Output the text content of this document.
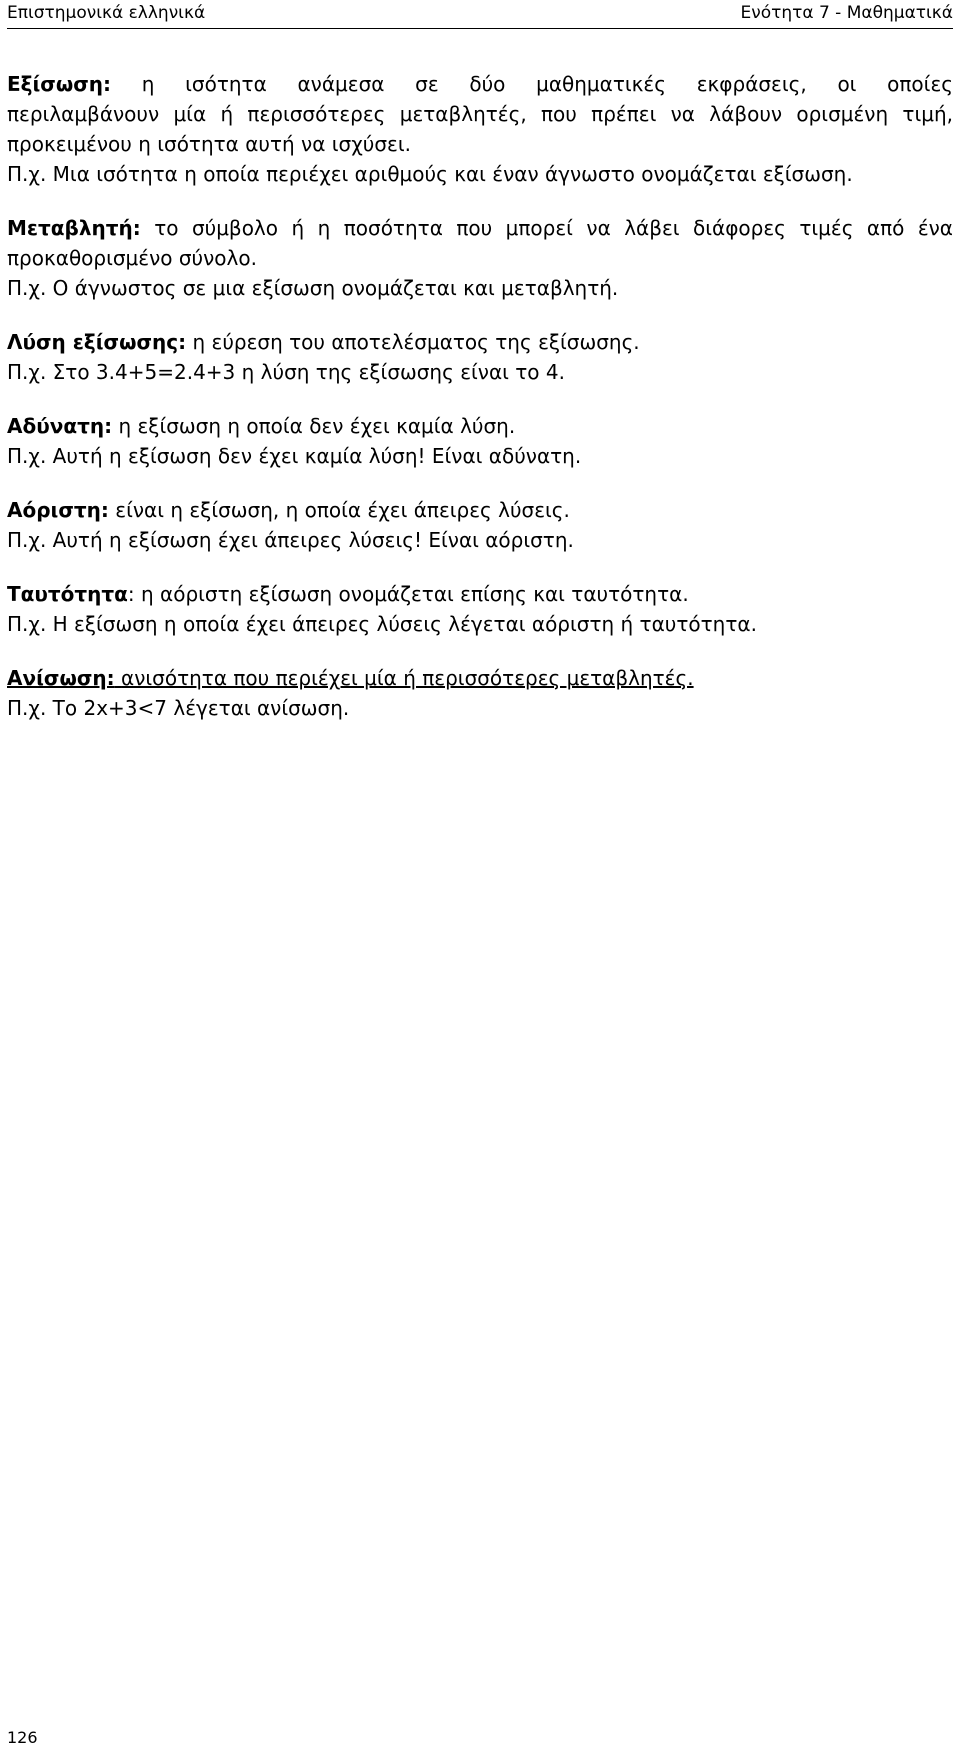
Επιστημονικά ελληνικά	Ενότητα 7 - Μαθηματικά
Εξίσωση: η ισότητα ανάμεσα σε δύο μαθηματικές εκφράσεις, οι οποίες
περιλαμβάνουν μία ή περισσότερες μεταβλητές, που πρέπει να λάβουν ορισμένη τιμή,
προκειμένου η ισότητα αυτή να ισχύσει.
Π.χ. Μια ισότητα η οποία περιέχει αριθμούς και έναν άγνωστο ονομάζεται εξίσωση.
Μεταβλητή: το σύμβολο ή η ποσότητα που μπορεί να λάβει διάφορες τιμές από ένα
προκαθορισμένο σύνολο.
Π.χ. Ο άγνωστος σε μια εξίσωση ονομάζεται και μεταβλητή.
Λύση εξίσωσης: η εύρεση του αποτελέσματος της εξίσωσης.
Π.χ. Στο 3.4+5=2.4+3 η λύση της εξίσωσης είναι το 4.
Αδύνατη: η εξίσωση η οποία δεν έχει καμία λύση.
Π.χ. Αυτή η εξίσωση δεν έχει καμία λύση! Είναι αδύνατη.
Αόριστη: είναι η εξίσωση, η οποία έχει άπειρες λύσεις.
Π.χ. Αυτή η εξίσωση έχει άπειρες λύσεις! Είναι αόριστη.
Ταυτότητα: η αόριστη εξίσωση ονομάζεται επίσης και ταυτότητα.
Π.χ. Η εξίσωση η οποία έχει άπειρες λύσεις λέγεται αόριστη ή ταυτότητα.
Ανίσωση: ανισότητα που περιέχει μία ή περισσότερες μεταβλητές.
Π.χ. Το 2x+3<7 λέγεται ανίσωση.
126
